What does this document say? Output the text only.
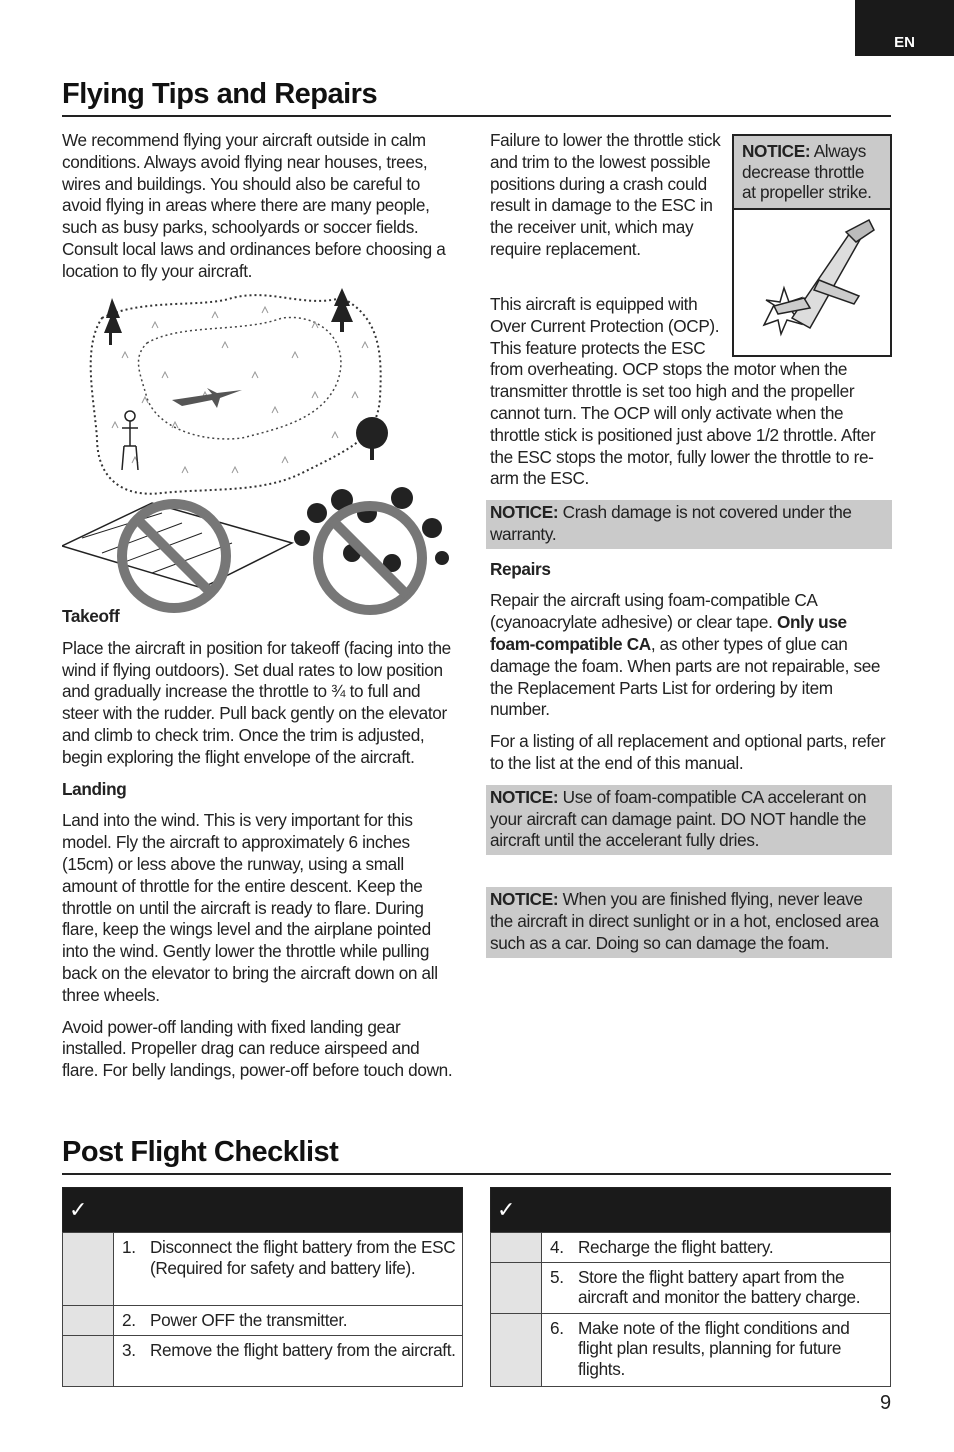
EN
Flying Tips and Repairs

We recommend flying your aircraft outside in calm conditions. Always avoid flying near houses, trees, wires and buildings. You should also be careful to avoid flying in areas where there are many people, such as busy parks, schoolyards or soccer fields. Consult local laws and ordinances before choosing a location to fly your aircraft.

Takeoff

Place the aircraft in position for takeoff (facing into the wind if flying outdoors). Set dual rates to low position and gradually increase the throttle to ¾ to full and steer with the rudder. Pull back gently on the elevator and climb to check trim. Once the trim is adjusted, begin exploring the flight envelope of the aircraft.

Landing

Land into the wind. This is very important for this model. Fly the aircraft to approximately 6 inches (15cm) or less above the runway, using a small amount of throttle for the entire descent. Keep the throttle on until the aircraft is ready to flare. During flare, keep the wings level and the airplane pointed into the wind. Gently lower the throttle while pulling back on the elevator to bring the aircraft down on all three wheels.

Avoid power-off landing with fixed landing gear installed. Propeller drag can reduce airspeed and flare. For belly landings, power-off before touch down.

Failure to lower the throttle stick and trim to the lowest possible positions during a crash could result in damage to the ESC in the receiver unit, which may require replacement.

NOTICE: Always decrease throttle at propeller strike.

This aircraft is equipped with Over Current Protection (OCP). This feature protects the ESC from overheating. OCP stops the motor when the transmitter throttle is set too high and the propeller cannot turn. The OCP will only activate when the throttle stick is positioned just above 1/2 throttle. After the ESC stops the motor, fully lower the throttle to re-arm the ESC.

NOTICE: Crash damage is not covered under the warranty.

Repairs

Repair the aircraft using foam-compatible CA (cyanoacrylate adhesive) or clear tape. Only use foam-compatible CA, as other types of glue can damage the foam. When parts are not repairable, see the Replacement Parts List for ordering by item number.

For a listing of all replacement and optional parts, refer to the list at the end of this manual.

NOTICE: Use of foam-compatible CA accelerant on your aircraft can damage paint. DO NOT handle the aircraft until the accelerant fully dries.
NOTICE: When you are finished flying, never leave the aircraft in direct sunlight or in a hot, enclosed area such as a car. Doing so can damage the foam.
Post Flight Checklist
✓		
	1.	Disconnect the flight battery from the ESC (Required for safety and battery life).
	2.	Power OFF the transmitter.
	3.	Remove the flight battery from the aircraft.
✓		
	4.	Recharge the flight battery.
	5.	Store the flight battery apart from the aircraft and monitor the battery charge.
	6.	Make note of the flight conditions and flight plan results, planning for future flights.
9
